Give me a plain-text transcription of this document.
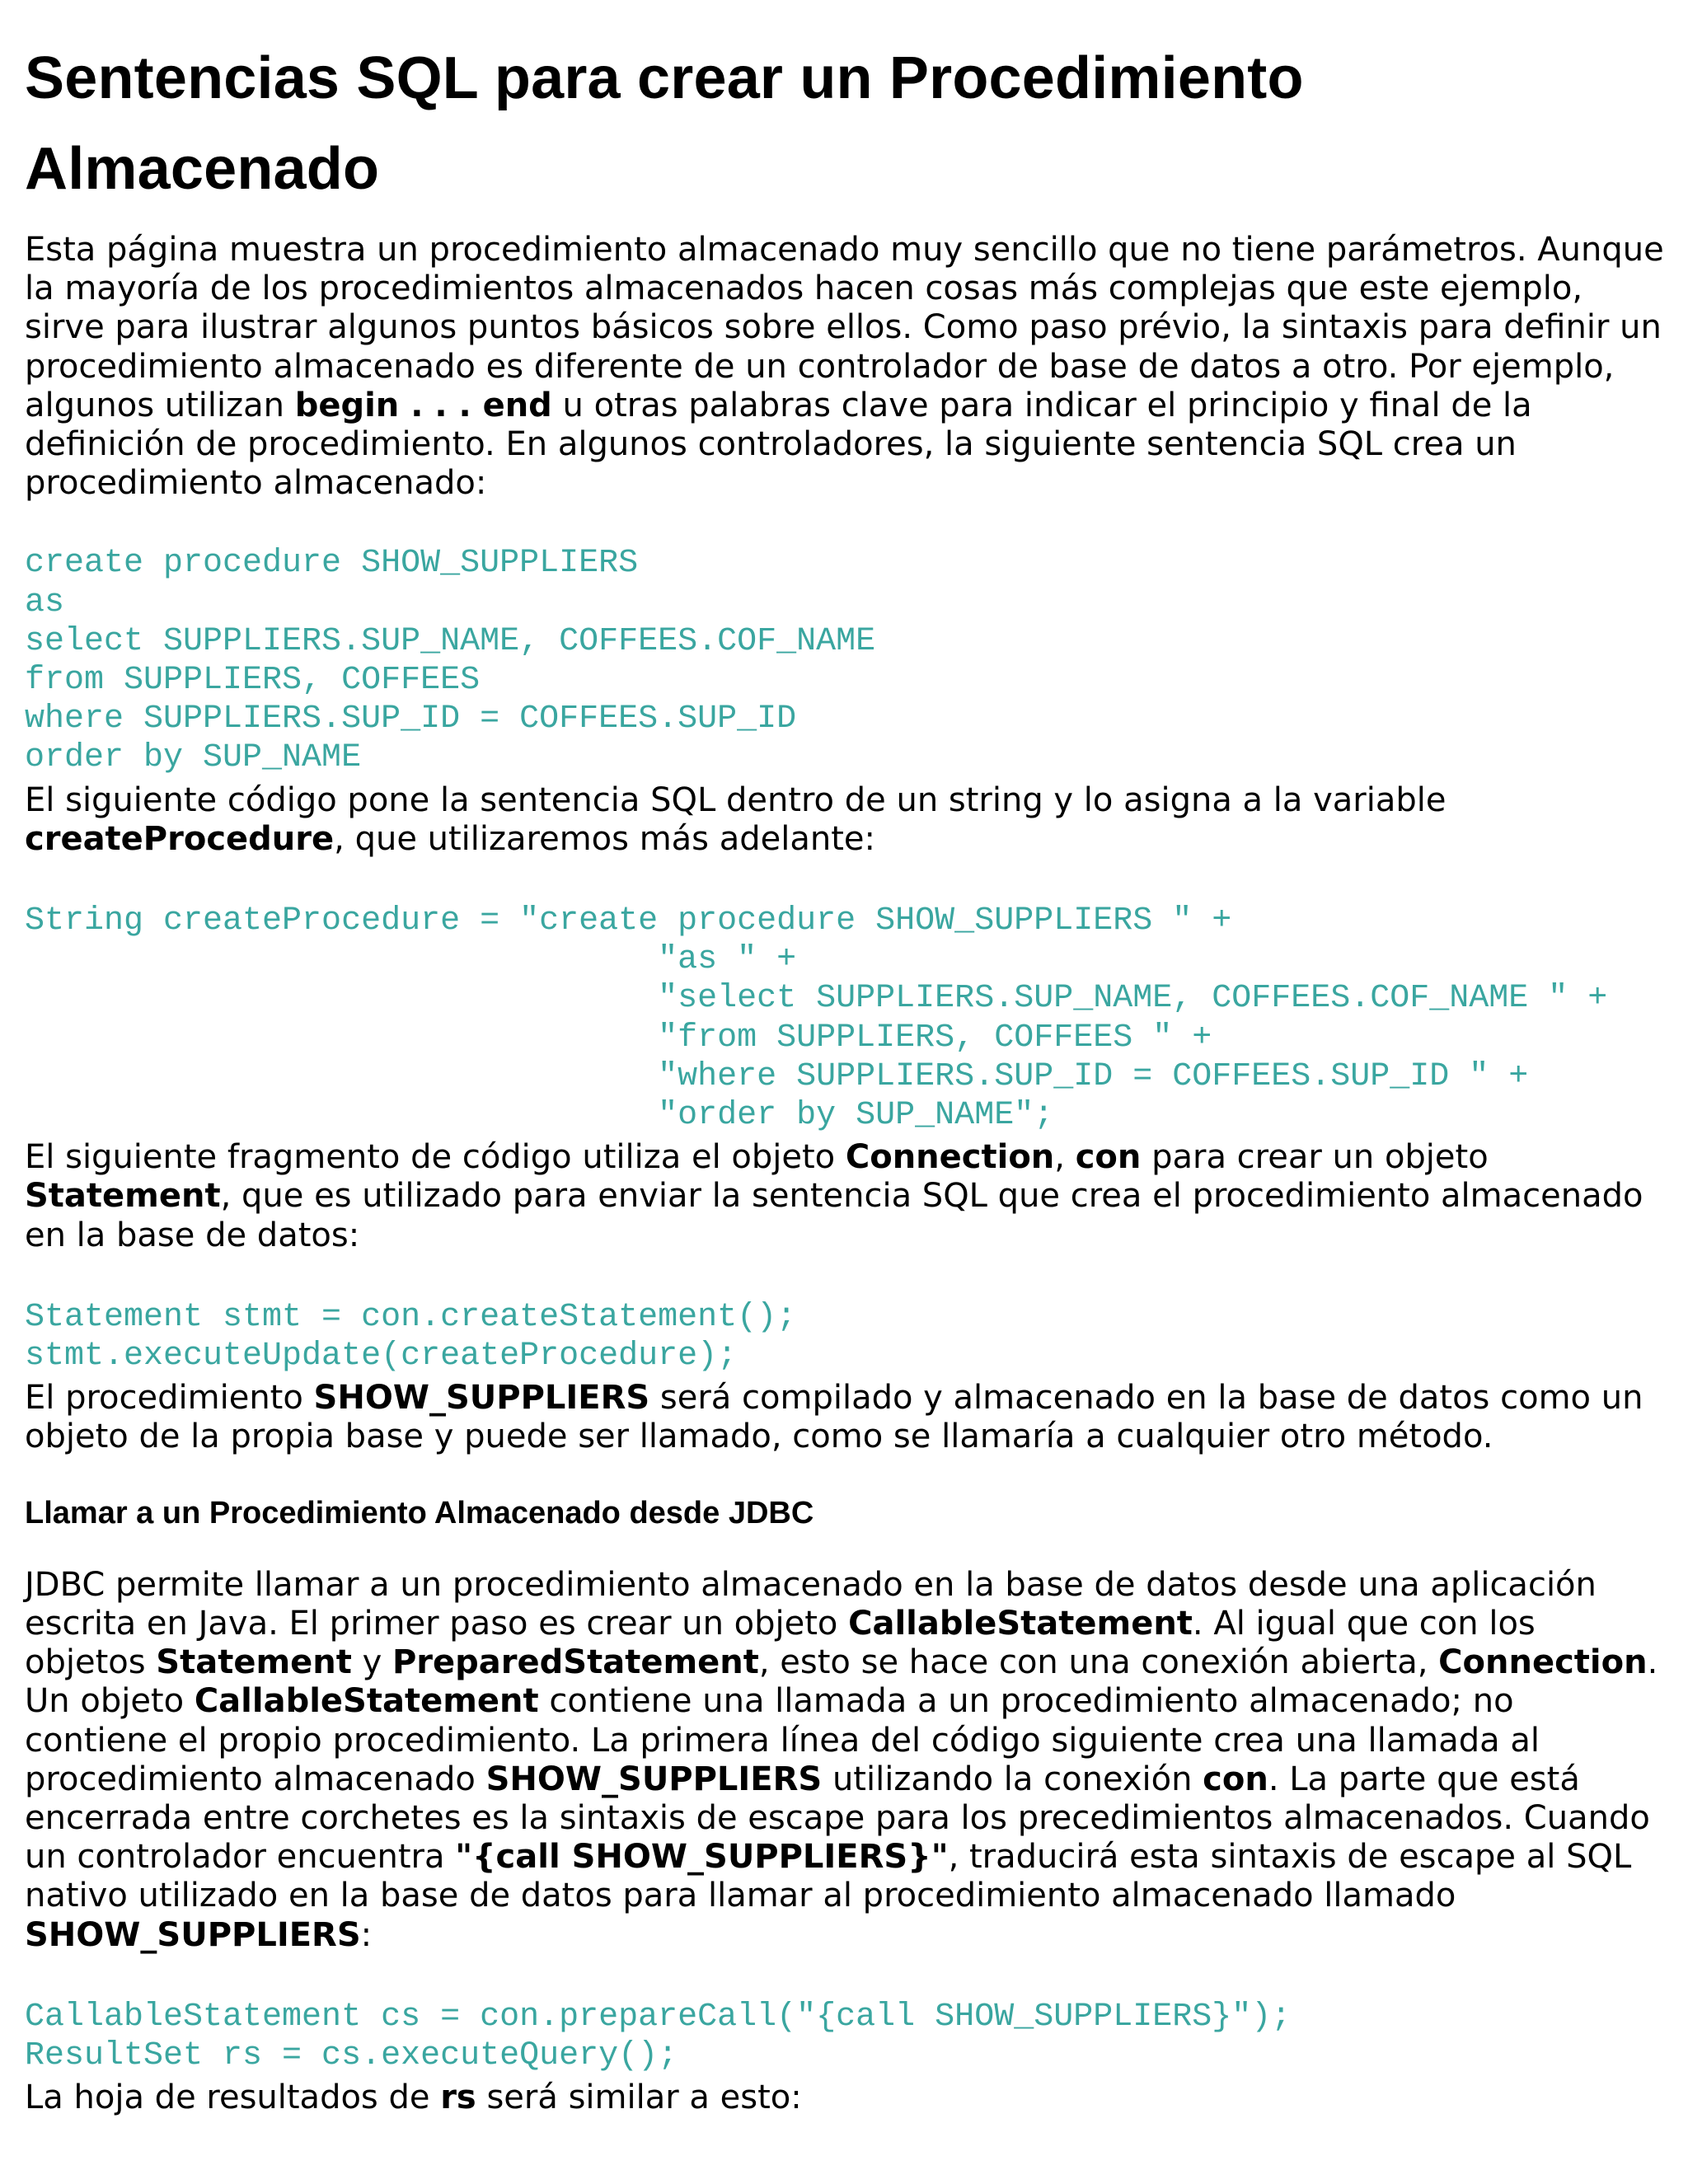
Sentencias SQL para crear un Procedimiento Almacenado

Esta página muestra un procedimiento almacenado muy sencillo que no tiene parámetros. Aunque la mayoría de los procedimientos almacenados hacen cosas más complejas que este ejemplo, sirve para ilustrar algunos puntos básicos sobre ellos. Como paso prévio, la sintaxis para definir un procedimiento almacenado es diferente de un controlador de base de datos a otro. Por ejemplo, algunos utilizan begin . . . end u otras palabras clave para indicar el principio y final de la definición de procedimiento. En algunos controladores, la siguiente sentencia SQL crea un procedimiento almacenado:

create procedure SHOW_SUPPLIERS
as
select SUPPLIERS.SUP_NAME, COFFEES.COF_NAME
from SUPPLIERS, COFFEES
where SUPPLIERS.SUP_ID = COFFEES.SUP_ID
order by SUP_NAME

El siguiente código pone la sentencia SQL dentro de un string y lo asigna a la variable createProcedure, que utilizaremos más adelante:

String createProcedure = "create procedure SHOW_SUPPLIERS " +
"as " +
"select SUPPLIERS.SUP_NAME, COFFEES.COF_NAME " +
"from SUPPLIERS, COFFEES " +
"where SUPPLIERS.SUP_ID = COFFEES.SUP_ID " +
"order by SUP_NAME";

El siguiente fragmento de código utiliza el objeto Connection, con para crear un objeto Statement, que es utilizado para enviar la sentencia SQL que crea el procedimiento almacenado en la base de datos:

Statement stmt = con.createStatement();
stmt.executeUpdate(createProcedure);

El procedimiento SHOW_SUPPLIERS será compilado y almacenado en la base de datos como un objeto de la propia base y puede ser llamado, como se llamaría a cualquier otro método.

Llamar a un Procedimiento Almacenado desde JDBC

JDBC permite llamar a un procedimiento almacenado en la base de datos desde una aplicación escrita en Java. El primer paso es crear un objeto CallableStatement. Al igual que con los objetos Statement y PreparedStatement, esto se hace con una conexión abierta, Connection. Un objeto CallableStatement contiene una llamada a un procedimiento almacenado; no contiene el propio procedimiento. La primera línea del código siguiente crea una llamada al procedimiento almacenado SHOW_SUPPLIERS utilizando la conexión con. La parte que está encerrada entre corchetes es la sintaxis de escape para los precedimientos almacenados. Cuando un controlador encuentra "{call SHOW_SUPPLIERS}", traducirá esta sintaxis de escape al SQL nativo utilizado en la base de datos para llamar al procedimiento almacenado llamado SHOW_SUPPLIERS:

CallableStatement cs = con.prepareCall("{call SHOW_SUPPLIERS}");
ResultSet rs = cs.executeQuery();

La hoja de resultados de rs será similar a esto:
